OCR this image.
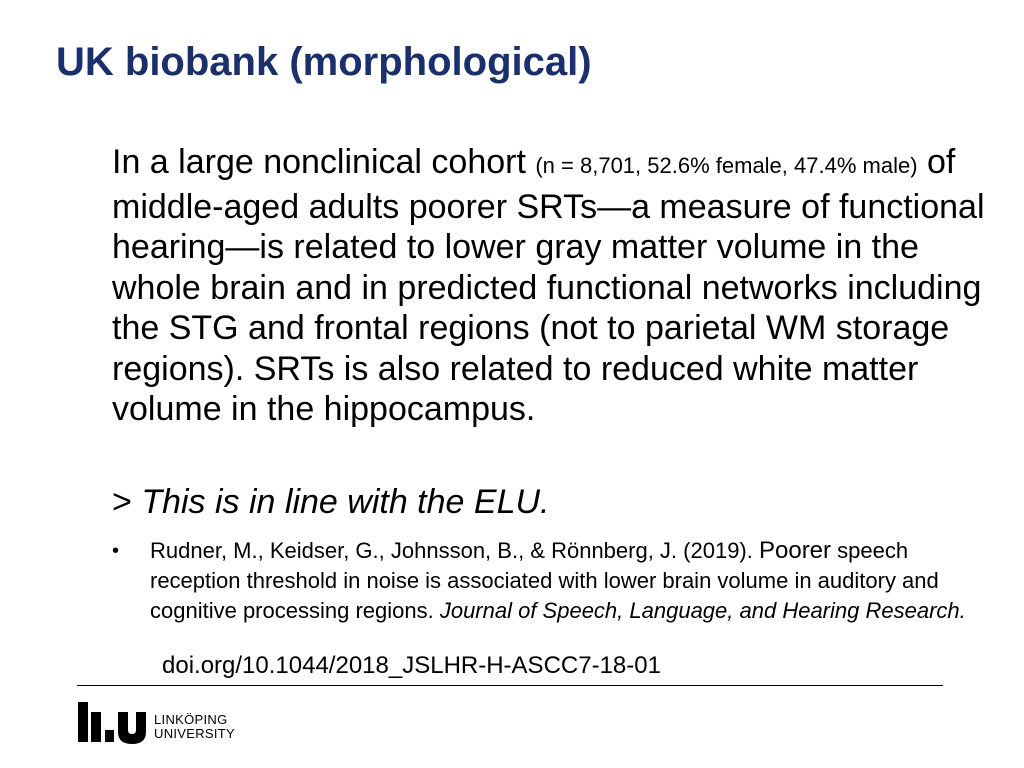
UK biobank (morphological)
In a large nonclinical cohort (n = 8,701, 52.6% female, 47.4% male) of middle-aged adults poorer SRTs—a measure of functional hearing—is related to lower gray matter volume in the whole brain and in predicted functional networks including the STG and frontal regions (not to parietal WM storage regions). SRTs is also related to reduced white matter volume in the hippocampus.
> This is in line with the ELU.
• Rudner, M., Keidser, G., Johnsson, B., & Rönnberg, J. (2019). Poorer speech reception threshold in noise is associated with lower brain volume in auditory and cognitive processing regions. Journal of Speech, Language, and Hearing Research.
doi.org/10.1044/2018_JSLHR-H-ASCC7-18-01
LINKÖPING
UNIVERSITY
